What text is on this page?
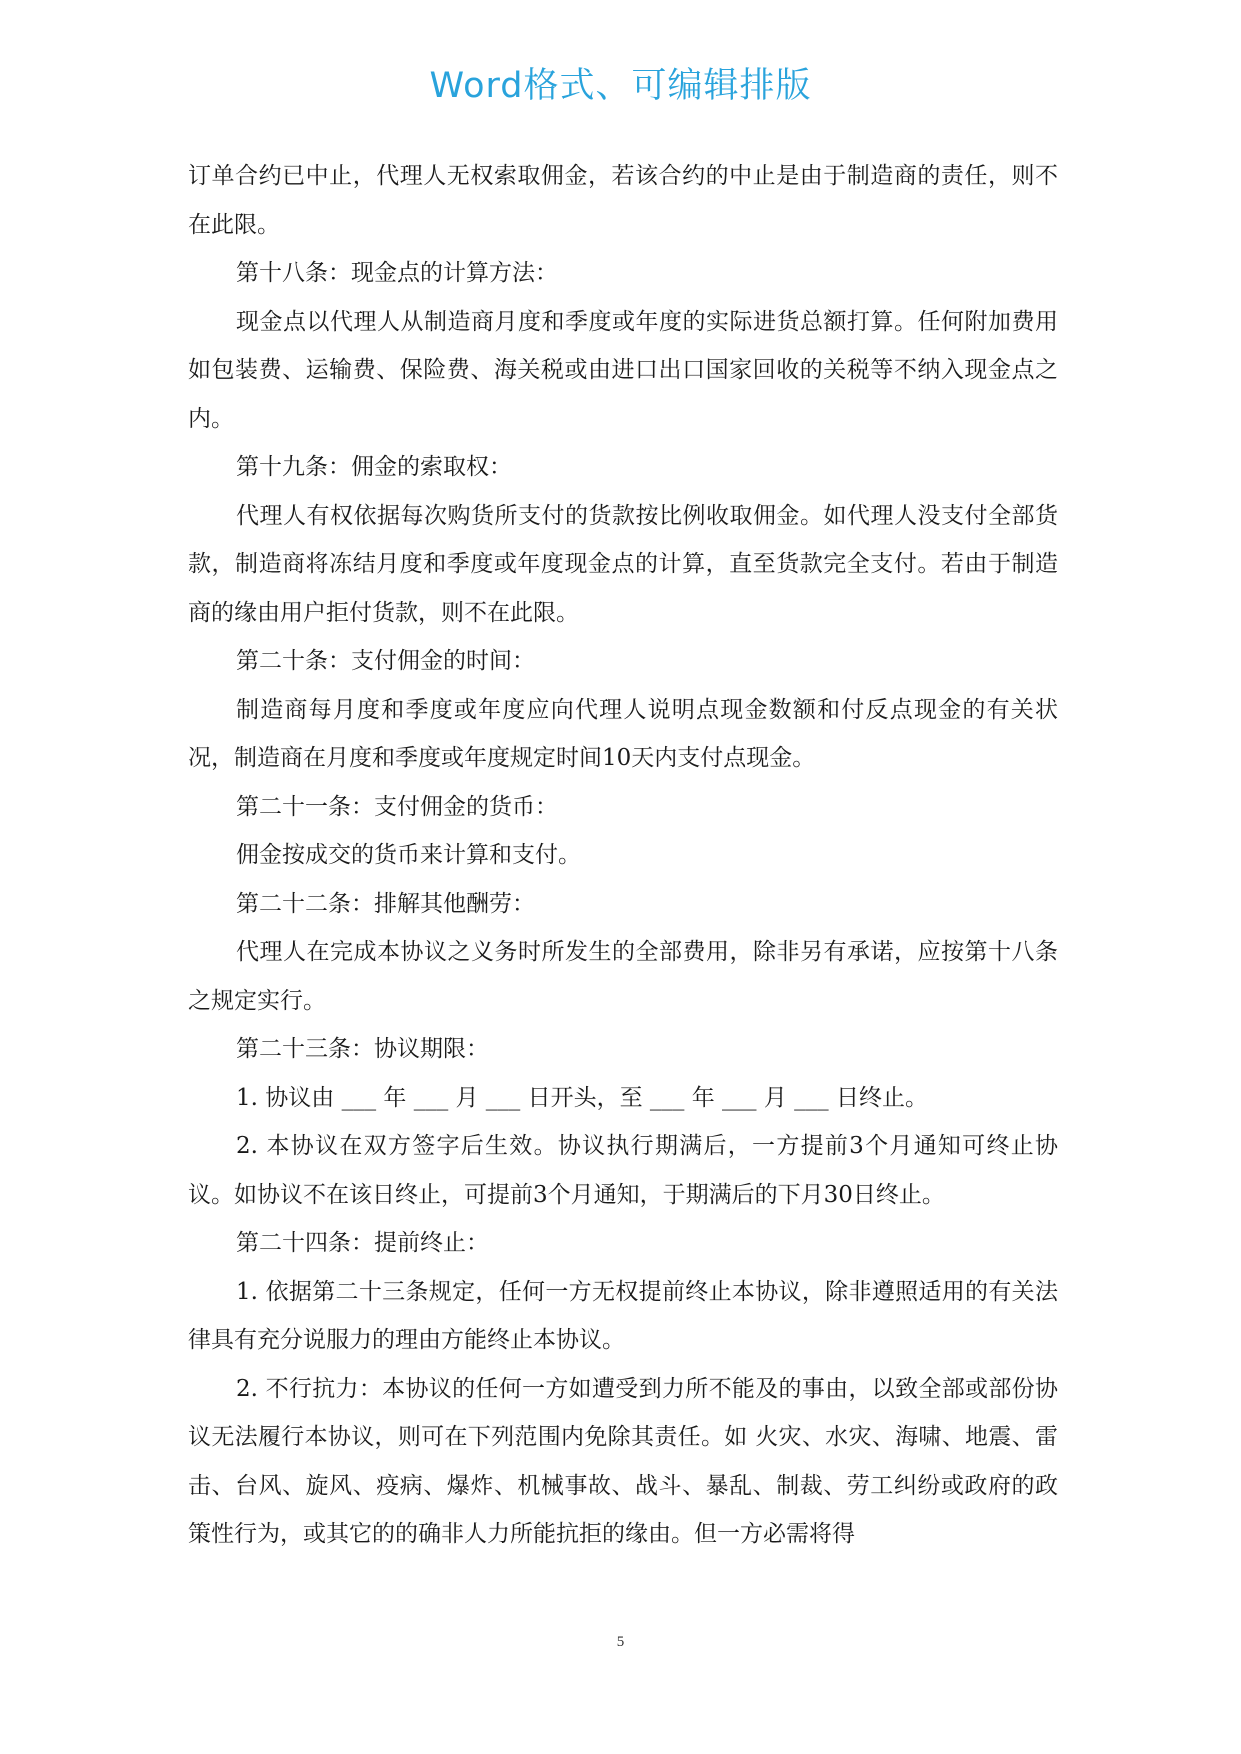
Word格式、可编辑排版

订单合约已中止，代理人无权索取佣金，若该合约的中止是由于制造商的责任，则不在此限。

第十八条：现金点的计算方法：

现金点以代理人从制造商月度和季度或年度的实际进货总额打算。任何附加费用如包装费、运输费、保险费、海关税或由进口出口国家回收的关税等不纳入现金点之内。

第十九条：佣金的索取权：

代理人有权依据每次购货所支付的货款按比例收取佣金。如代理人没支付全部货款，制造商将冻结月度和季度或年度现金点的计算，直至货款完全支付。若由于制造商的缘由用户拒付货款，则不在此限。

第二十条：支付佣金的时间：

制造商每月度和季度或年度应向代理人说明点现金数额和付反点现金的有关状况，制造商在月度和季度或年度规定时间10天内支付点现金。

第二十一条：支付佣金的货币：

佣金按成交的货币来计算和支付。

第二十二条：排解其他酬劳：

代理人在完成本协议之义务时所发生的全部费用，除非另有承诺，应按第十八条之规定实行。

第二十三条：协议期限：

1. 协议由 ___ 年 ___ 月 ___ 日开头，至 ___ 年 ___ 月 ___ 日终止。

2. 本协议在双方签字后生效。协议执行期满后，一方提前3个月通知可终止协议。如协议不在该日终止，可提前3个月通知，于期满后的下月30日终止。

第二十四条：提前终止：

1. 依据第二十三条规定，任何一方无权提前终止本协议，除非遵照适用的有关法律具有充分说服力的理由方能终止本协议。

2. 不行抗力：本协议的任何一方如遭受到力所不能及的事由，以致全部或部份协议无法履行本协议，则可在下列范围内免除其责任。如 火灾、水灾、海啸、地震、雷击、台风、旋风、疫病、爆炸、机械事故、战斗、暴乱、制裁、劳工纠纷或政府的政策性行为，或其它的的确非人力所能抗拒的缘由。但一方必需将得

5
